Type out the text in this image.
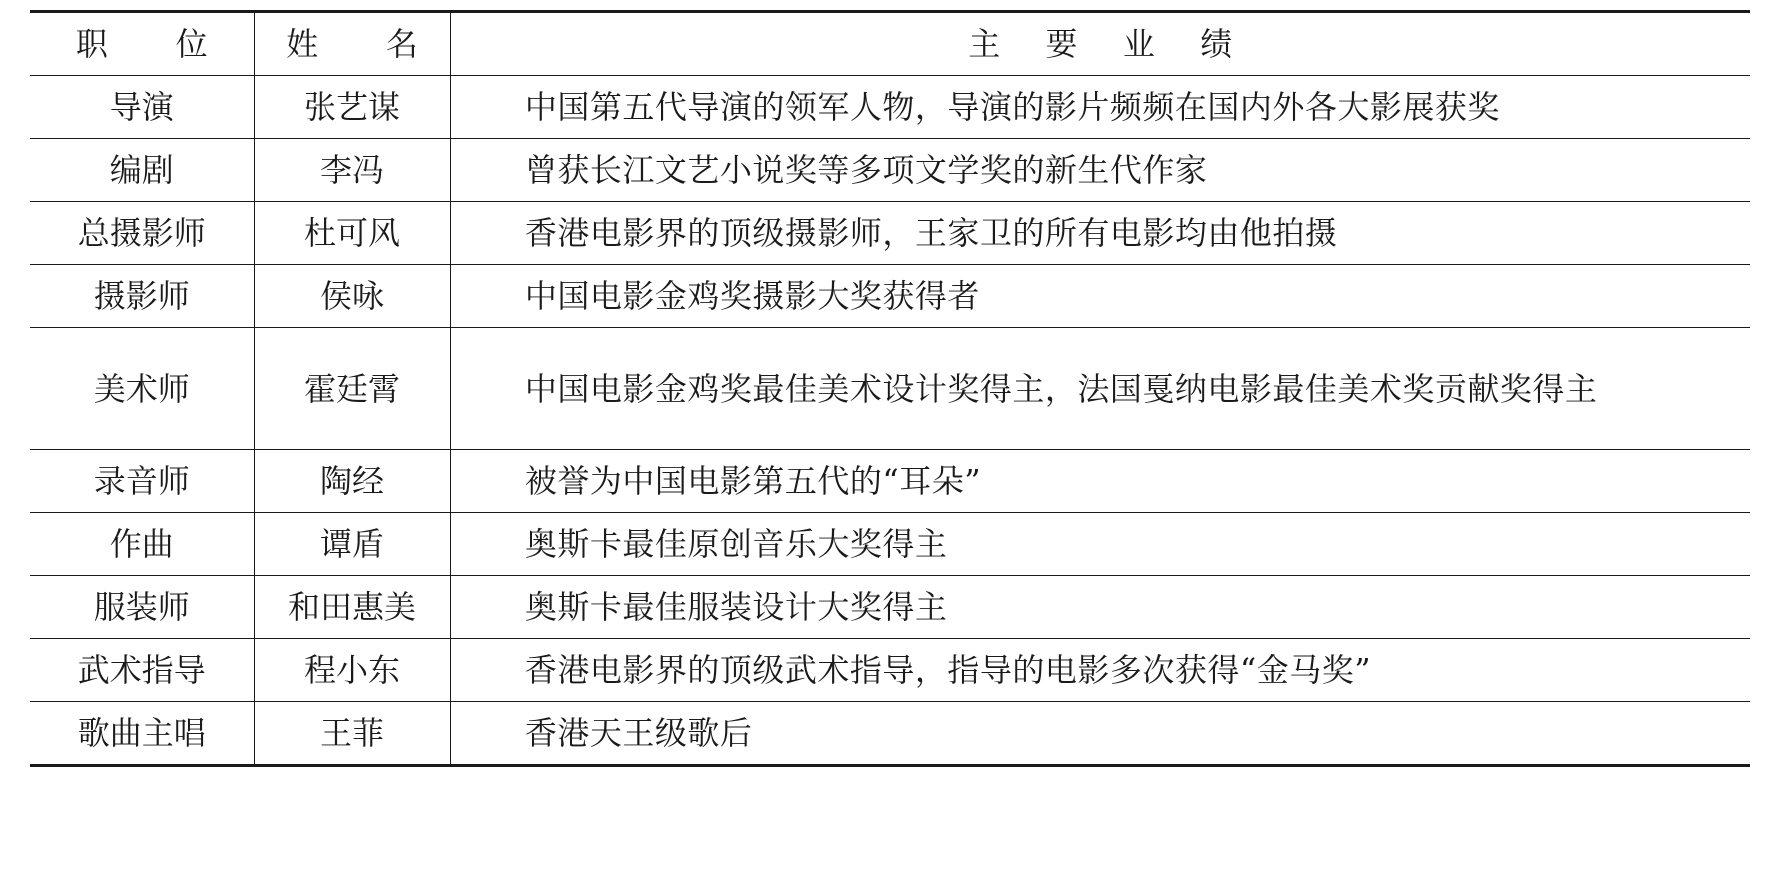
职 位	姓 名	主 要 业 绩
导演	张艺谋	中国第五代导演的领军人物，导演的影片频频在国内外各大影展获奖
编剧	李冯	曾获长江文艺小说奖等多项文学奖的新生代作家
总摄影师	杜可风	香港电影界的顶级摄影师，王家卫的所有电影均由他拍摄
摄影师	侯咏	中国电影金鸡奖摄影大奖获得者
美术师	霍廷霄	中国电影金鸡奖最佳美术设计奖得主，法国戛纳电影最佳美术奖贡献奖得主
录音师	陶经	被誉为中国电影第五代的“耳朵”
作曲	谭盾	奥斯卡最佳原创音乐大奖得主
服装师	和田惠美	奥斯卡最佳服装设计大奖得主
武术指导	程小东	香港电影界的顶级武术指导，指导的电影多次获得“金马奖”
歌曲主唱	王菲	香港天王级歌后
